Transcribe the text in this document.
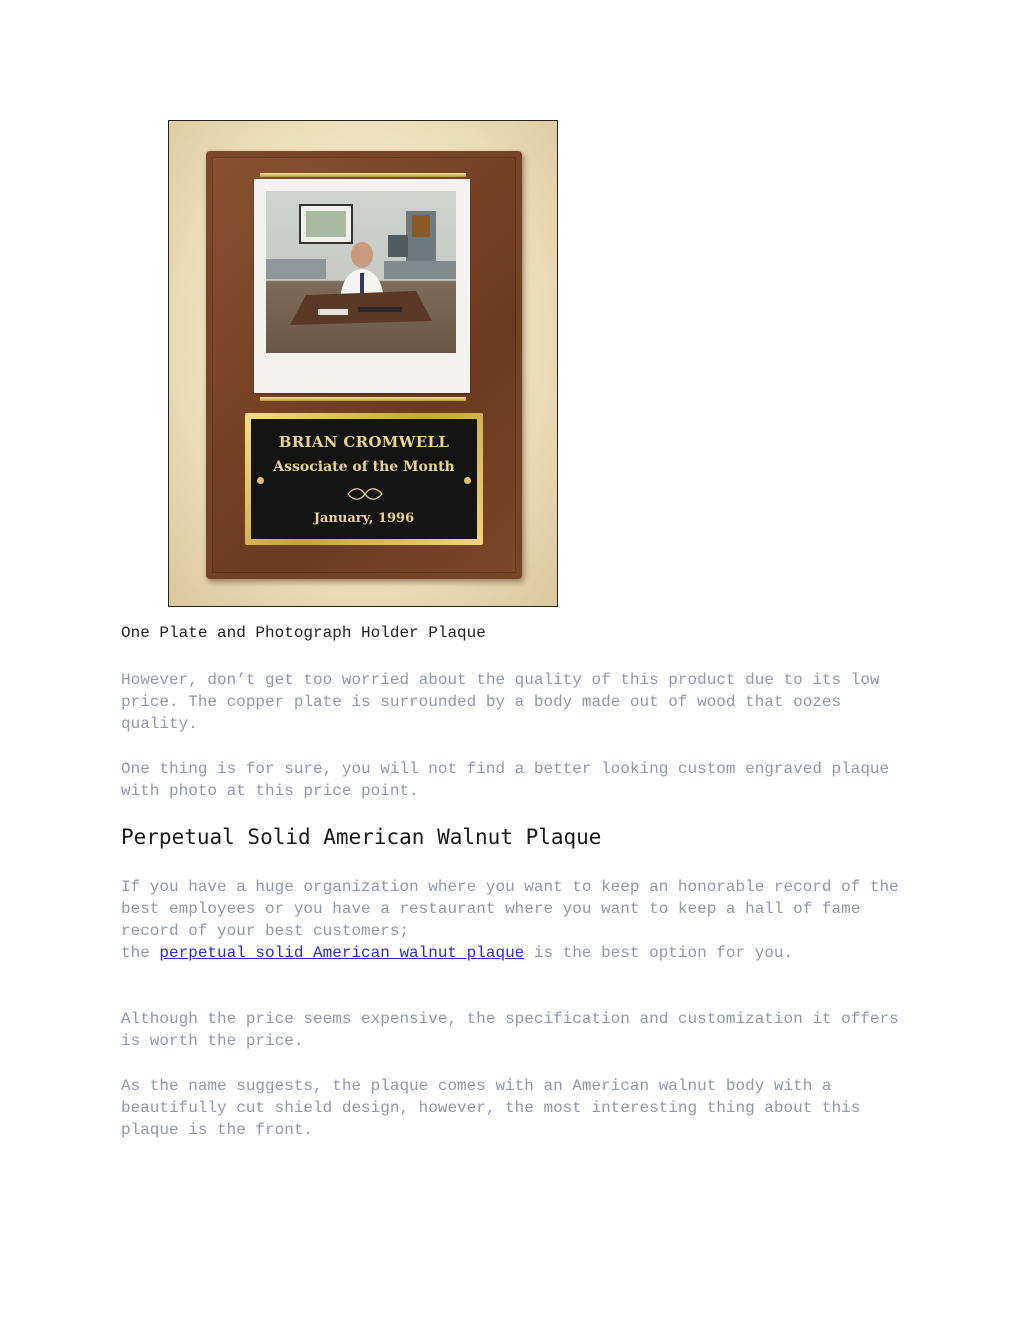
BRIAN CROMWELL
Associate of the Month
January, 1996

One Plate and Photograph Holder Plaque

However, don’t get too worried about the quality of this product due to its low price. The copper plate is surrounded by a body made out of wood that oozes quality.

One thing is for sure, you will not find a better looking custom engraved plaque with photo at this price point.

Perpetual Solid American Walnut Plaque

If you have a huge organization where you want to keep an honorable record of the best employees or you have a restaurant where you want to keep a hall of fame record of your best customers;
the perpetual solid American walnut plaque is the best option for you.

Although the price seems expensive, the specification and customization it offers is worth the price.

As the name suggests, the plaque comes with an American walnut body with a beautifully cut shield design, however, the most interesting thing about this plaque is the front.
